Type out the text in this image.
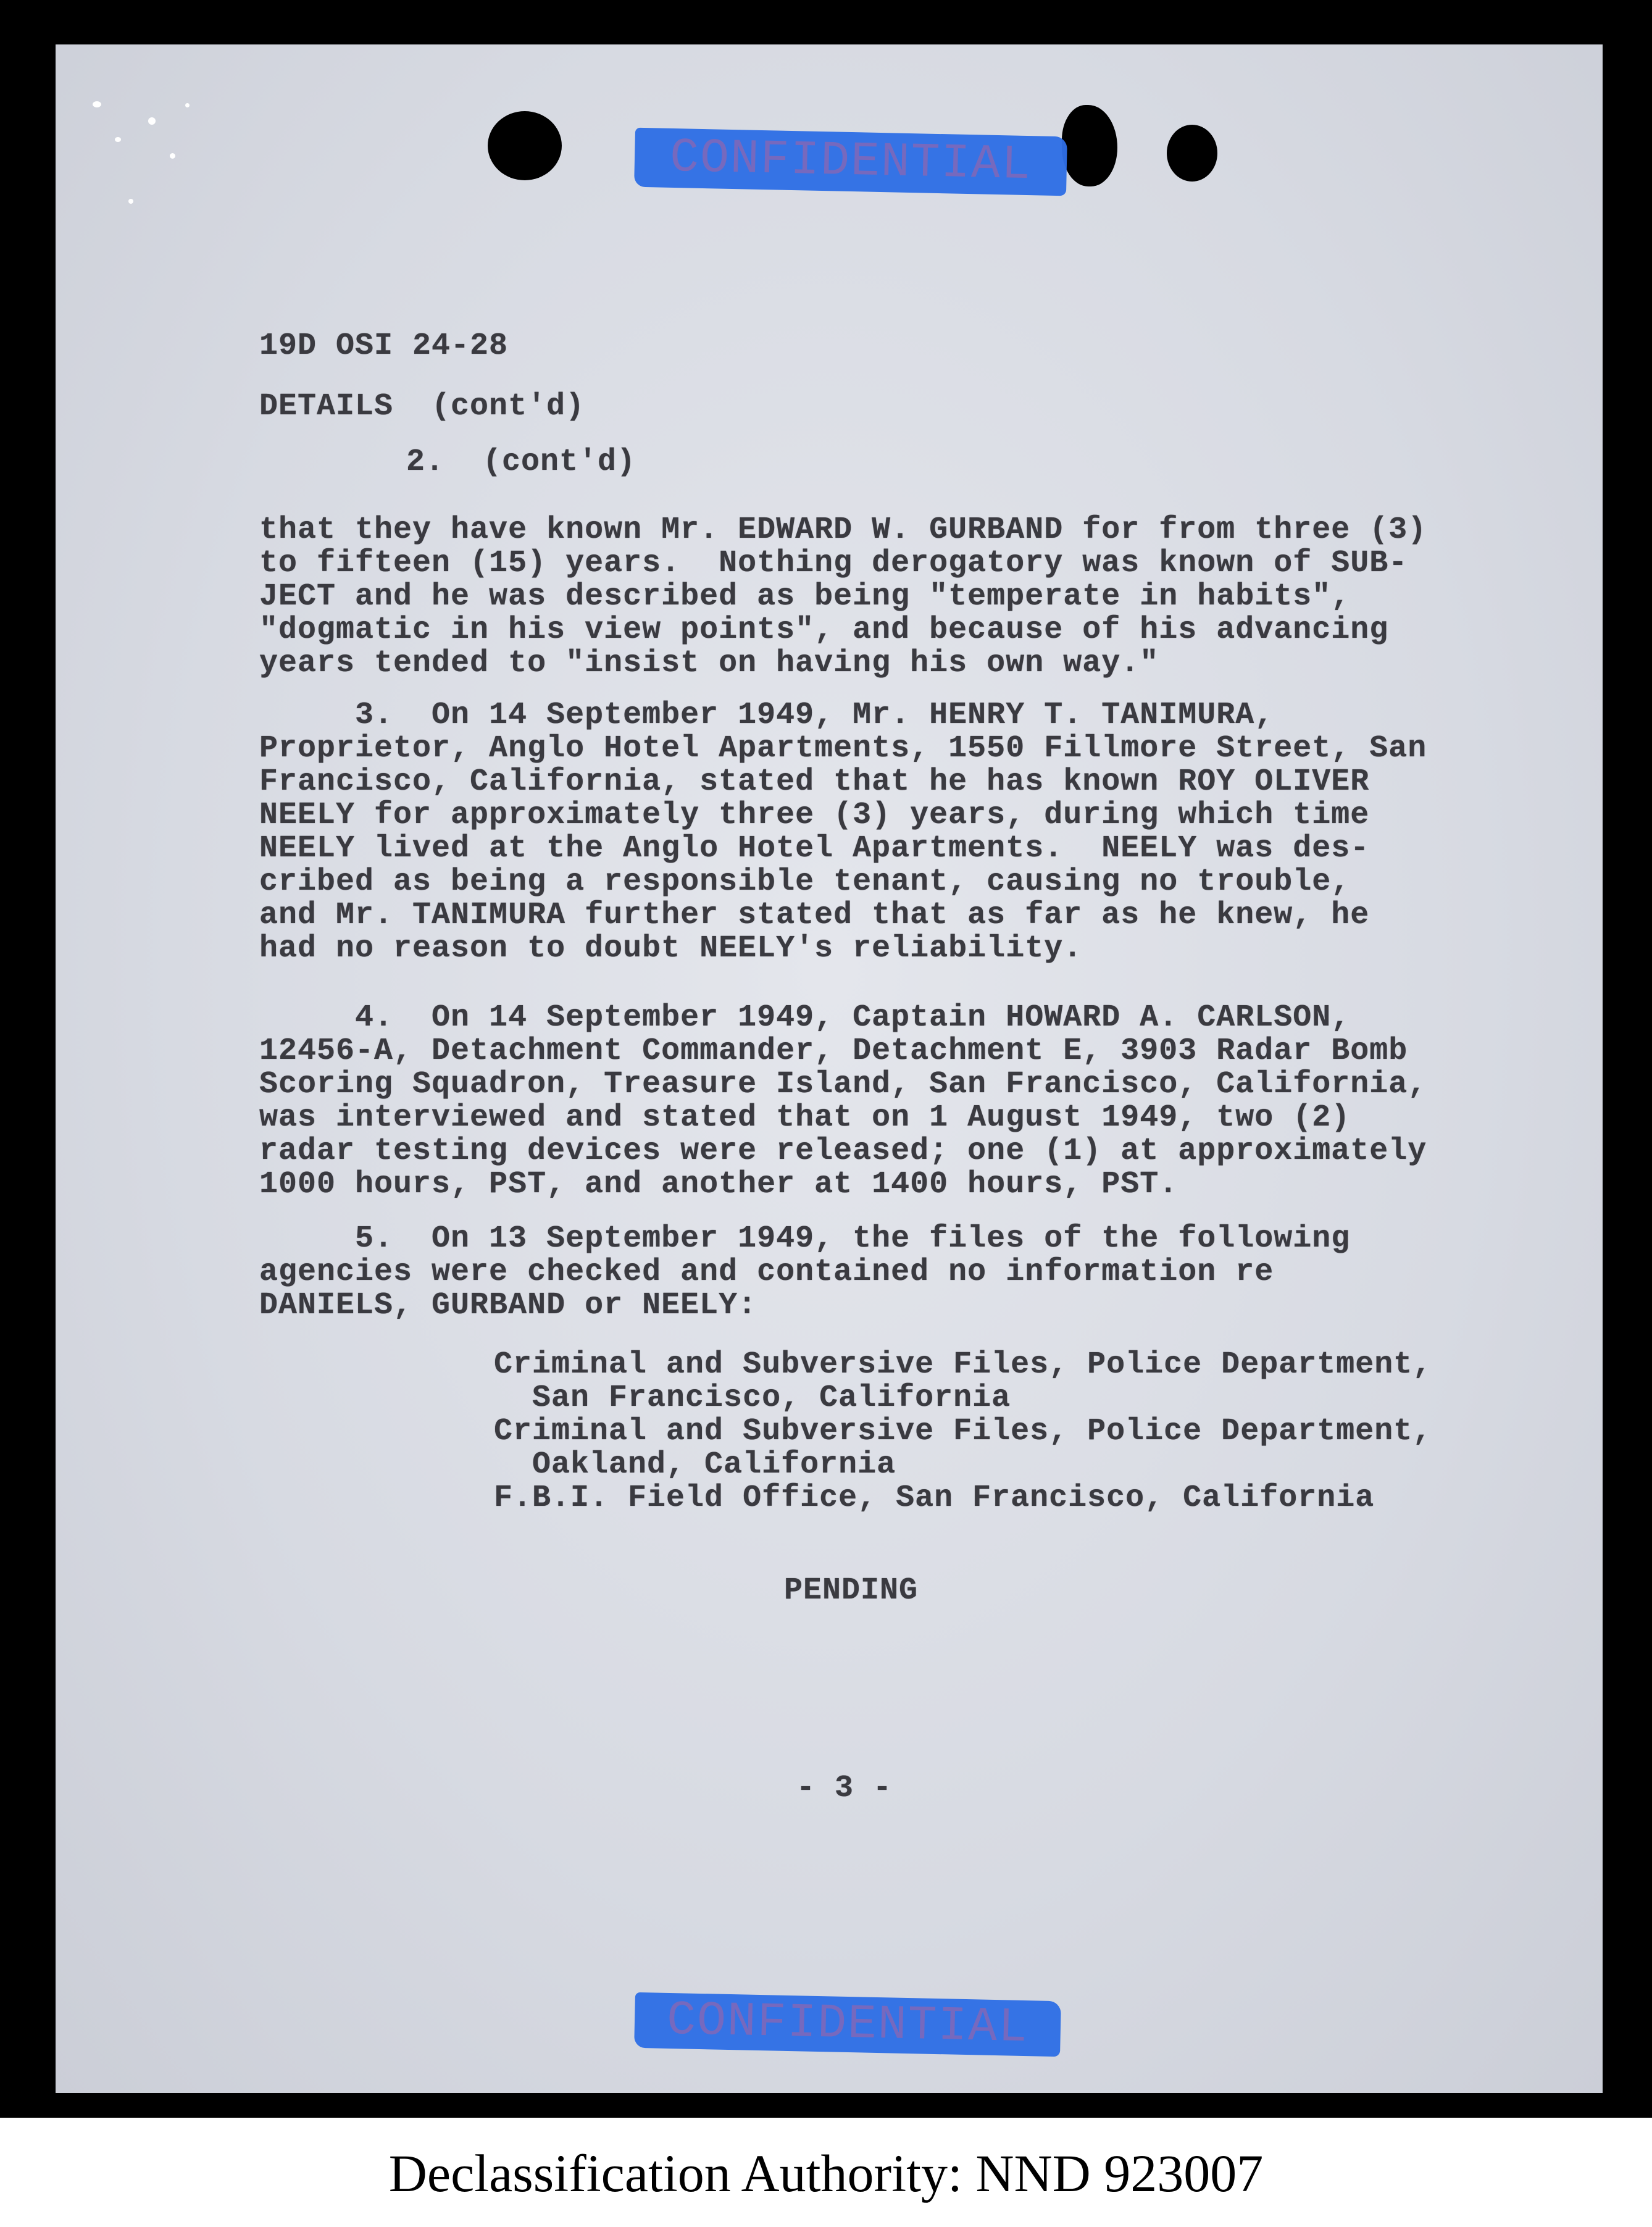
CONFIDENTIAL

19D OSI 24-28

DETAILS  (cont'd)

2.  (cont'd)

that they have known Mr. EDWARD W. GURBAND for from three (3)
to fifteen (15) years.  Nothing derogatory was known of SUB-
JECT and he was described as being "temperate in habits",
"dogmatic in his view points", and because of his advancing
years tended to "insist on having his own way."

3.  On 14 September 1949, Mr. HENRY T. TANIMURA,
Proprietor, Anglo Hotel Apartments, 1550 Fillmore Street, San
Francisco, California, stated that he has known ROY OLIVER
NEELY for approximately three (3) years, during which time
NEELY lived at the Anglo Hotel Apartments.  NEELY was des-
cribed as being a responsible tenant, causing no trouble,
and Mr. TANIMURA further stated that as far as he knew, he
had no reason to doubt NEELY's reliability.

4.  On 14 September 1949, Captain HOWARD A. CARLSON,
12456-A, Detachment Commander, Detachment E, 3903 Radar Bomb
Scoring Squadron, Treasure Island, San Francisco, California,
was interviewed and stated that on 1 August 1949, two (2)
radar testing devices were released; one (1) at approximately
1000 hours, PST, and another at 1400 hours, PST.

5.  On 13 September 1949, the files of the following
agencies were checked and contained no information re
DANIELS, GURBAND or NEELY:

Criminal and Subversive Files, Police Department,
San Francisco, California
Criminal and Subversive Files, Police Department,
Oakland, California
F.B.I. Field Office, San Francisco, California

PENDING

- 3 -

CONFIDENTIAL
Declassification Authority: NND 923007
